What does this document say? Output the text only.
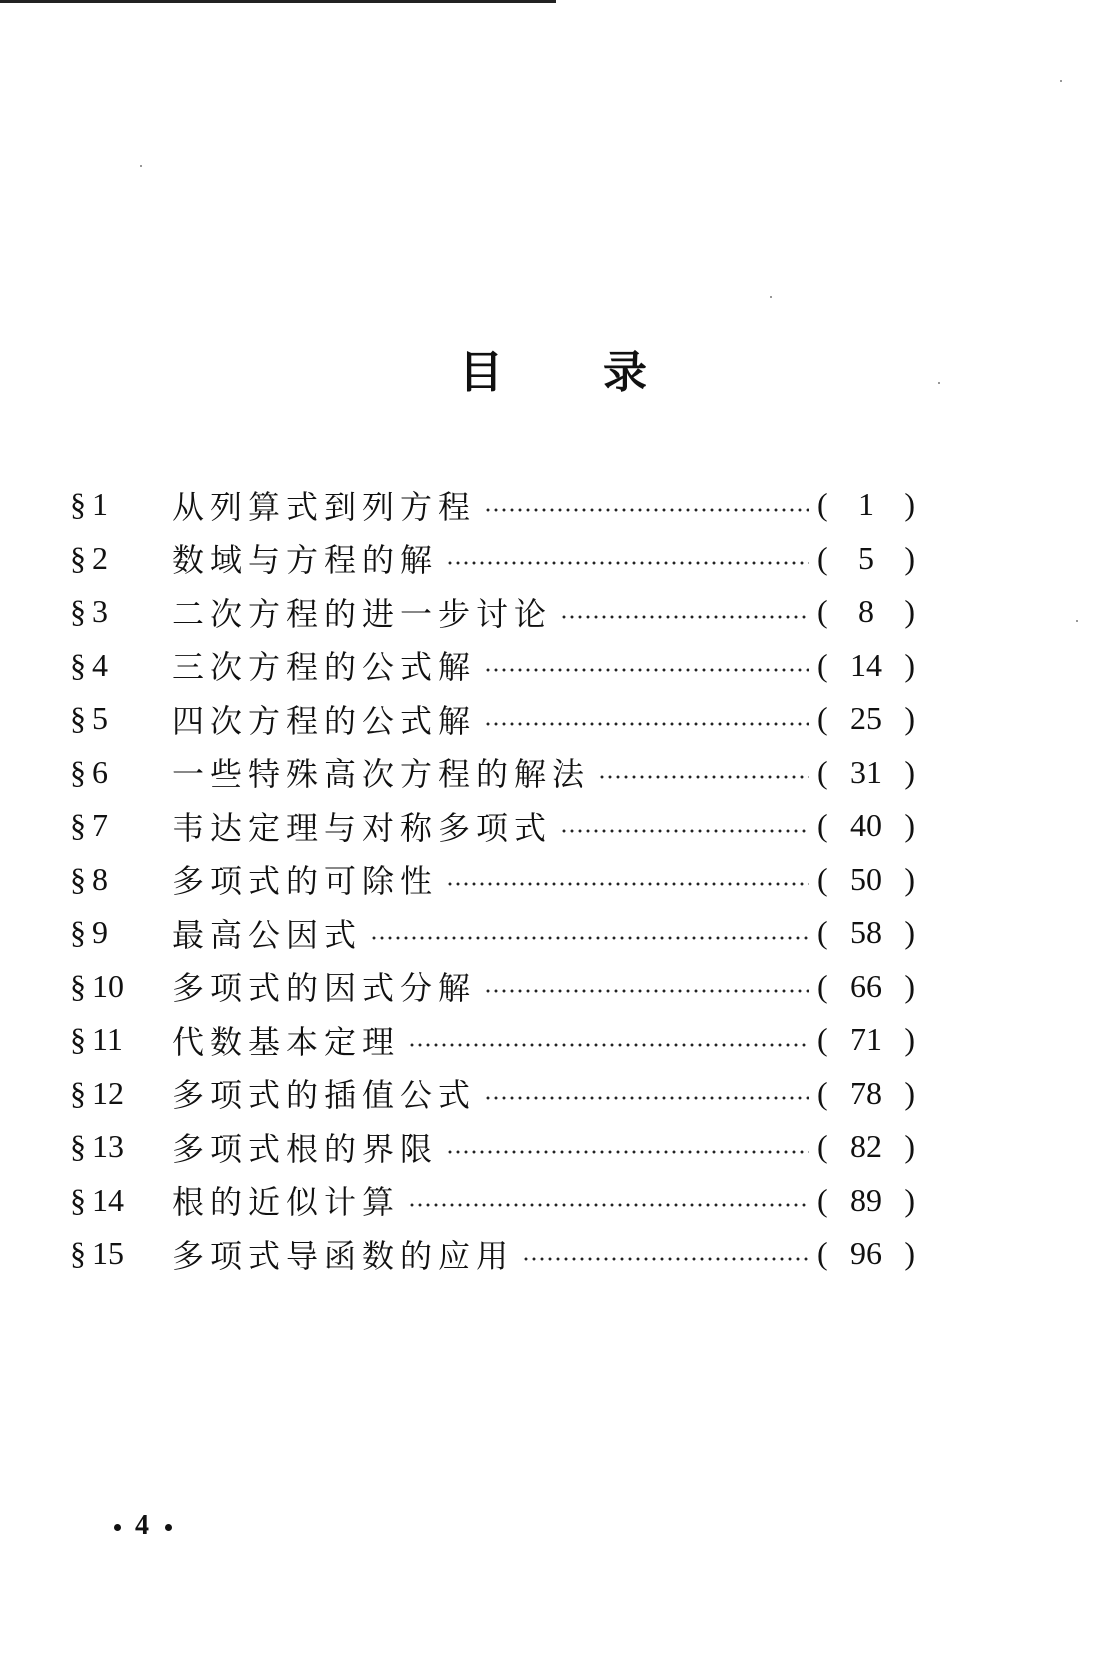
目 录
§ 1	从列算式到列方程	( 1 )
§ 2	数域与方程的解	( 5 )
§ 3	二次方程的进一步讨论	( 8 )
§ 4	三次方程的公式解	( 14 )
§ 5	四次方程的公式解	( 25 )
§ 6	一些特殊高次方程的解法	( 31 )
§ 7	韦达定理与对称多项式	( 40 )
§ 8	多项式的可除性	( 50 )
§ 9	最高公因式	( 58 )
§ 10	多项式的因式分解	( 66 )
§ 11	代数基本定理	( 71 )
§ 12	多项式的插值公式	( 78 )
§ 13	多项式根的界限	( 82 )
§ 14	根的近似计算	( 89 )
§ 15	多项式导函数的应用	( 96 )
4
